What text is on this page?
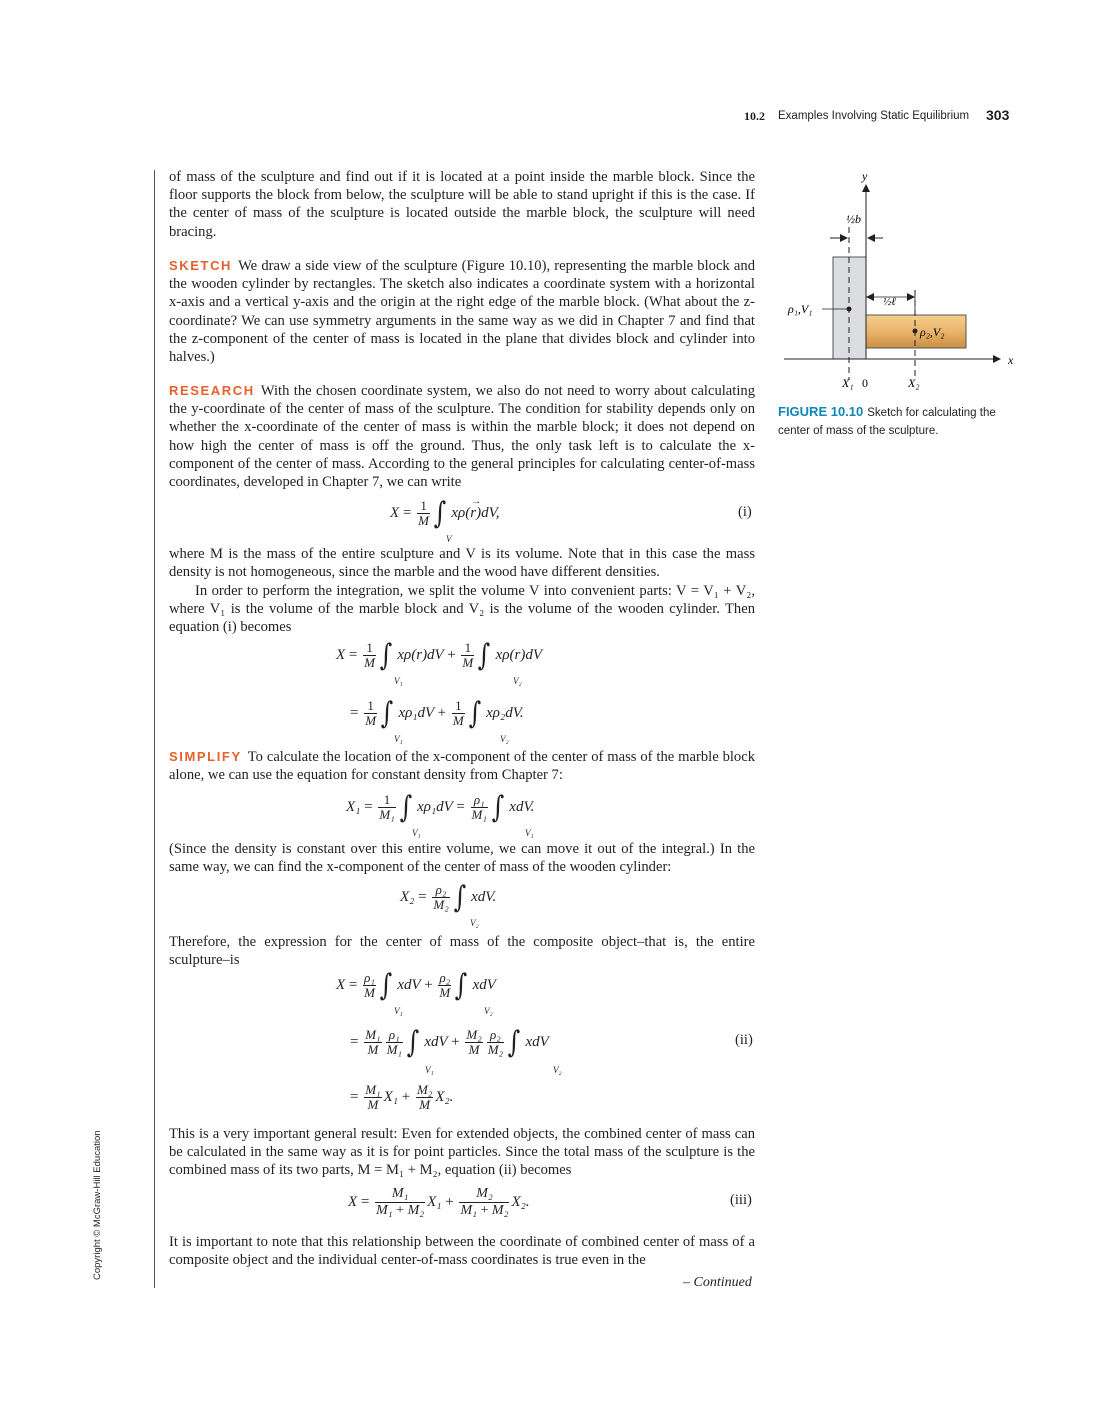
10.2 Examples Involving Static Equilibrium 303
Copyright © McGraw-Hill Education
of mass of the sculpture and find out if it is located at a point inside the marble block. Since the floor supports the block from below, the sculpture will be able to stand upright if this is the case. If the center of mass of the sculpture is located outside the marble block, the sculpture will need bracing.
SKETCH We draw a side view of the sculpture (Figure 10.10), representing the marble block and the wooden cylinder by rectangles. The sketch also indicates a coordinate system with a horizontal x-axis and a vertical y-axis and the origin at the right edge of the marble block. (What about the z-coordinate? We can use symmetry arguments in the same way as we did in Chapter 7 and find that the z-component of the center of mass is located in the plane that divides block and cylinder into halves.)
RESEARCH With the chosen coordinate system, we also do not need to worry about calculating the y-coordinate of the center of mass of the sculpture. The condition for stability depends only on whether the x-coordinate of the center of mass is within the marble block; it does not depend on how high the center of mass is off the ground. Thus, the only task left is to calculate the x-component of the center of mass. According to the general principles for calculating center-of-mass coordinates, developed in Chapter 7, we can write
$X = \frac{1}{M}$ ∫ xρ(r
→
)dV,
V
(i)
where M is the mass of the entire sculpture and V is its volume. Note that in this case the mass density is not homogeneous, since the marble and the wood have different densities.
In order to perform the integration, we split the volume V into convenient parts: V = V₁ + V₂, where V₁ is the volume of the marble block and V₂ is the volume of the wooden cylinder. Then equation (i) becomes
$X = \frac{1}{M}$ ∫ $x\rho(r)dV + \frac{1}{M}$ ∫ xρ(r)dV
V₁	V₂
= $\frac{1}{M}$ ∫ $x\rho_1dV + \frac{1}{M}$ ∫ xρ₂dV.
V₁	V₂
SIMPLIFY To calculate the location of the x-component of the center of mass of the marble block alone, we can use the equation for constant density from Chapter 7:
$X_1 = \frac{1}{\text{M₁}}$ ∫ $x\rho_1dV = \frac{\text{ρ₁}}{\text{M₁}}$ ∫ xdV.
V₁	V₁
(Since the density is constant over this entire volume, we can move it out of the integral.) In the same way, we can find the x-component of the center of mass of the wooden cylinder:
$X_2 = \frac{\text{ρ₂}}{\text{M₂}}$ ∫ xdV.
V₂
Therefore, the expression for the center of mass of the composite object–that is, the entire sculpture–is
$X = \frac{\text{ρ₁}}{M}$ ∫ xdV + $\frac{\text{ρ₂}}{M}$ ∫ xdV
V₁	V₂
= $\frac{\text{M₁}}{M} \frac{\text{ρ₁}}{\text{M₁}}$ ∫ xdV + $\frac{\text{M₂}}{M} \frac{\text{ρ₂}}{\text{M₂}}$ ∫ xdV
V₁	V₂
(ii)
= $\frac{\text{M₁}}{M} X_1 + \frac{\text{M₂}}{M} X_2$.
This is a very important general result: Even for extended objects, the combined center of mass can be calculated in the same way as it is for point particles. Since the total mass of the sculpture is the combined mass of its two parts, M = M₁ + M₂, equation (ii) becomes
$X = \frac{\text{M₁}}{\text{M₁ + M₂}} X_1 + \frac{\text{M₂}}{\text{M₁ + M₂}} X_2$.	(iii)
It is important to note that this relationship between the coordinate of combined center of mass of a composite object and the individual center-of-mass coordinates is true even in the
– Continued
y
x
½b
½ℓ
ρ₁,V₁
ρ₂,V₂
X₁ 0	X₂
FIGURE 10.10 Sketch for calculating the center of mass of the sculpture.
